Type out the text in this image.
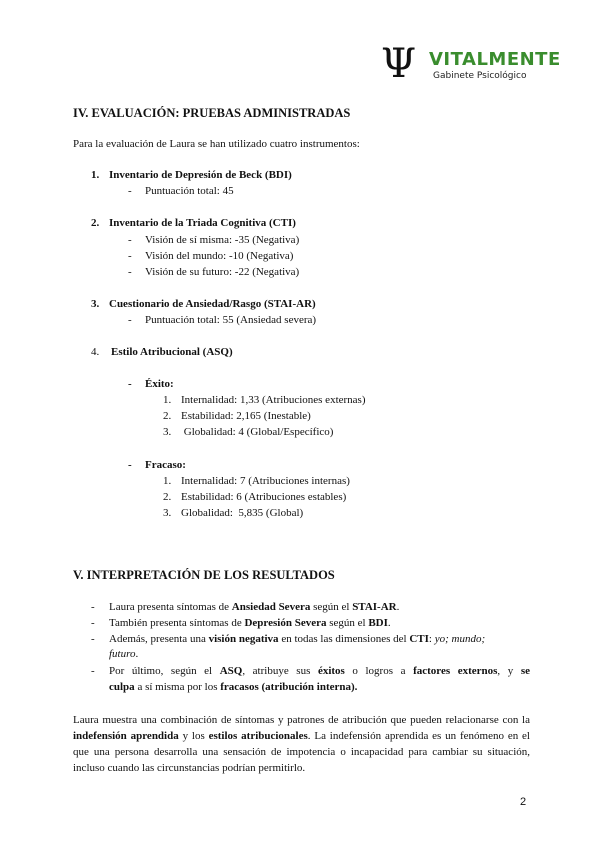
Ψ VITALMENTE
Gabinete Psicológico
IV. EVALUACIÓN: PRUEBAS ADMINISTRADAS
Para la evaluación de Laura se han utilizado cuatro instrumentos:
1. Inventario de Depresión de Beck (BDI)
- Puntuación total: 45
2. Inventario de la Triada Cognitiva (CTI)
- Visión de sí misma: -35 (Negativa)
- Visión del mundo: -10 (Negativa)
- Visión de su futuro: -22 (Negativa)
3. Cuestionario de Ansiedad/Rasgo (STAI-AR)
- Puntuación total: 55 (Ansiedad severa)
4. Estilo Atribucional (ASQ)
- Éxito:
1. Internalidad: 1,33 (Atribuciones externas)
2. Estabilidad: 2,165 (Inestable)
3. Globalidad: 4 (Global/Específico)
- Fracaso:
1. Internalidad: 7 (Atribuciones internas)
2. Estabilidad: 6 (Atribuciones estables)
3. Globalidad:  5,835 (Global)
V. INTERPRETACIÓN DE LOS RESULTADOS
- Laura presenta síntomas de Ansiedad Severa según el STAI-AR.
- También presenta síntomas de Depresión Severa según el BDI.
- Además, presenta una visión negativa en todas las dimensiones del CTI: yo; mundo;
futuro.
- Por último, según el ASQ, atribuye sus éxitos o logros a factores externos, y se
culpa a sí misma por los fracasos (atribución interna).
Laura muestra una combinación de síntomas y patrones de atribución que pueden relacionarse con la indefensión aprendida y los estilos atribucionales. La indefensión aprendida es un fenómeno en el que una persona desarrolla una sensación de impotencia o incapacidad para cambiar su situación, incluso cuando las circunstancias podrían permitirlo.
2
